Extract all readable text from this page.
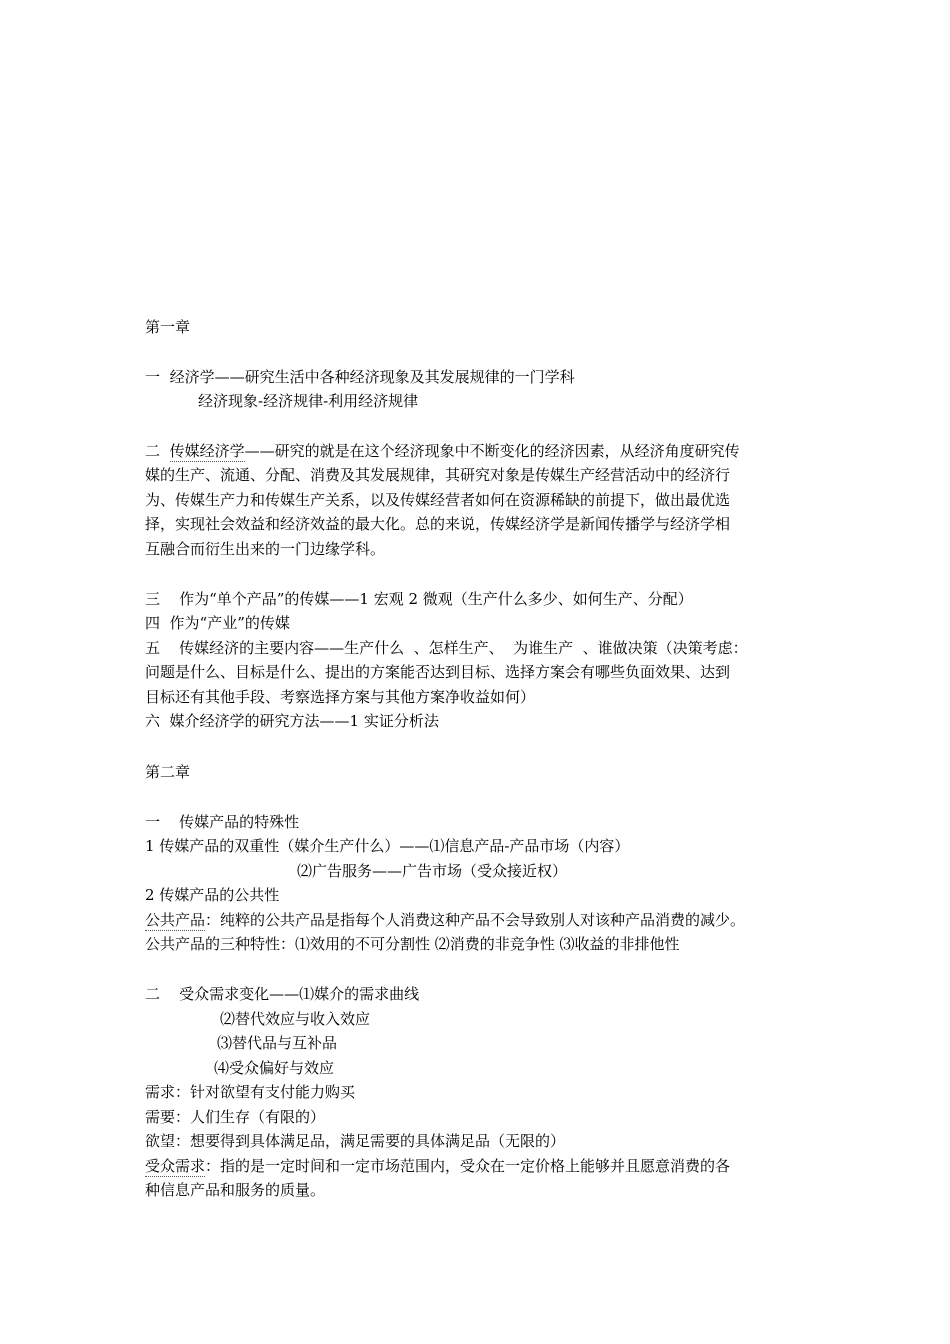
第一章
一 经济学——研究生活中各种经济现象及其发展规律的一门学科
经济现象-经济规律-利用经济规律
二 传媒经济学——研究的就是在这个经济现象中不断变化的经济因素，从经济角度研究传
媒的生产、流通、分配、消费及其发展规律，其研究对象是传媒生产经营活动中的经济行
为、传媒生产力和传媒生产关系，以及传媒经营者如何在资源稀缺的前提下，做出最优选
择，实现社会效益和经济效益的最大化。总的来说，传媒经济学是新闻传播学与经济学相
互融合而衍生出来的一门边缘学科。
三    作为“单个产品”的传媒——1 宏观 2 微观（生产什么多少、如何生产、分配）
四  作为“产业”的传媒
五    传媒经济的主要内容——生产什么  、怎样生产、  为谁生产  、谁做决策（决策考虑：
问题是什么、目标是什么、提出的方案能否达到目标、选择方案会有哪些负面效果、达到
目标还有其他手段、考察选择方案与其他方案净收益如何）
六  媒介经济学的研究方法——1 实证分析法
第二章
一    传媒产品的特殊性
1 传媒产品的双重性（媒介生产什么）——⑴信息产品-产品市场（内容）
⑵广告服务——广告市场（受众接近权）
2 传媒产品的公共性
公共产品：纯粹的公共产品是指每个人消费这种产品不会导致别人对该种产品消费的减少。
公共产品的三种特性：⑴效用的不可分割性 ⑵消费的非竞争性 ⑶收益的非排他性
二    受众需求变化——⑴媒介的需求曲线
⑵替代效应与收入效应
⑶替代品与互补品
⑷受众偏好与效应
需求：针对欲望有支付能力购买
需要：人们生存（有限的）
欲望：想要得到具体满足品，满足需要的具体满足品（无限的）
受众需求：指的是一定时间和一定市场范围内，受众在一定价格上能够并且愿意消费的各
种信息产品和服务的质量。
